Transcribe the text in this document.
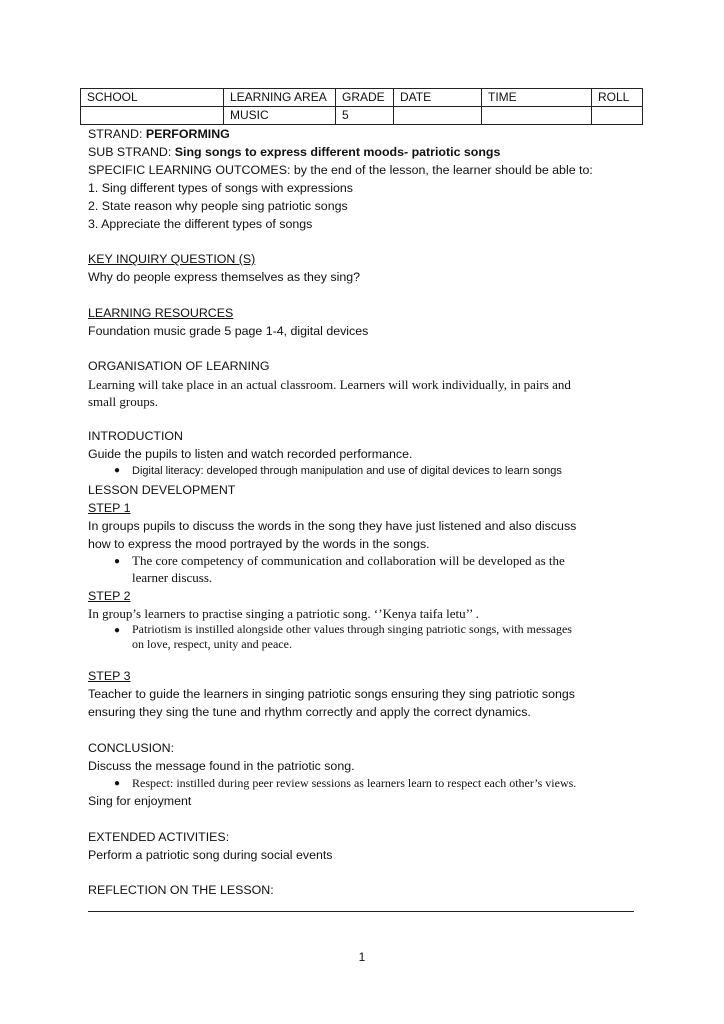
SCHOOL	LEARNING AREA	GRADE	DATE	TIME	ROLL
	MUSIC	5			
STRAND: PERFORMING
SUB STRAND: Sing songs to express different moods- patriotic songs
SPECIFIC LEARNING OUTCOMES: by the end of the lesson, the learner should be able to:
1. Sing different types of songs with expressions
2. State reason why people sing patriotic songs
3. Appreciate the different types of songs
KEY INQUIRY QUESTION (S)
Why do people express themselves as they sing?
LEARNING RESOURCES
Foundation music grade 5 page 1-4, digital devices
ORGANISATION OF LEARNING
Learning will take place in an actual classroom. Learners will work individually, in pairs and
small groups.
INTRODUCTION
Guide the pupils to listen and watch recorded performance.
● Digital literacy: developed through manipulation and use of digital devices to learn songs
LESSON DEVELOPMENT
STEP 1
In groups pupils to discuss the words in the song they have just listened and also discuss
how to express the mood portrayed by the words in the songs.
● The core competency of communication and collaboration will be developed as the
learner discuss.
STEP 2
In group’s learners to practise singing a patriotic song. ‘’Kenya taifa letu’’ .
● Patriotism is instilled alongside other values through singing patriotic songs, with messages
on love, respect, unity and peace.
STEP 3
Teacher to guide the learners in singing patriotic songs ensuring they sing patriotic songs
ensuring they sing the tune and rhythm correctly and apply the correct dynamics.
CONCLUSION:
Discuss the message found in the patriotic song.
● Respect: instilled during peer review sessions as learners learn to respect each other’s views.
Sing for enjoyment
EXTENDED ACTIVITIES:
Perform a patriotic song during social events
REFLECTION ON THE LESSON:
1
